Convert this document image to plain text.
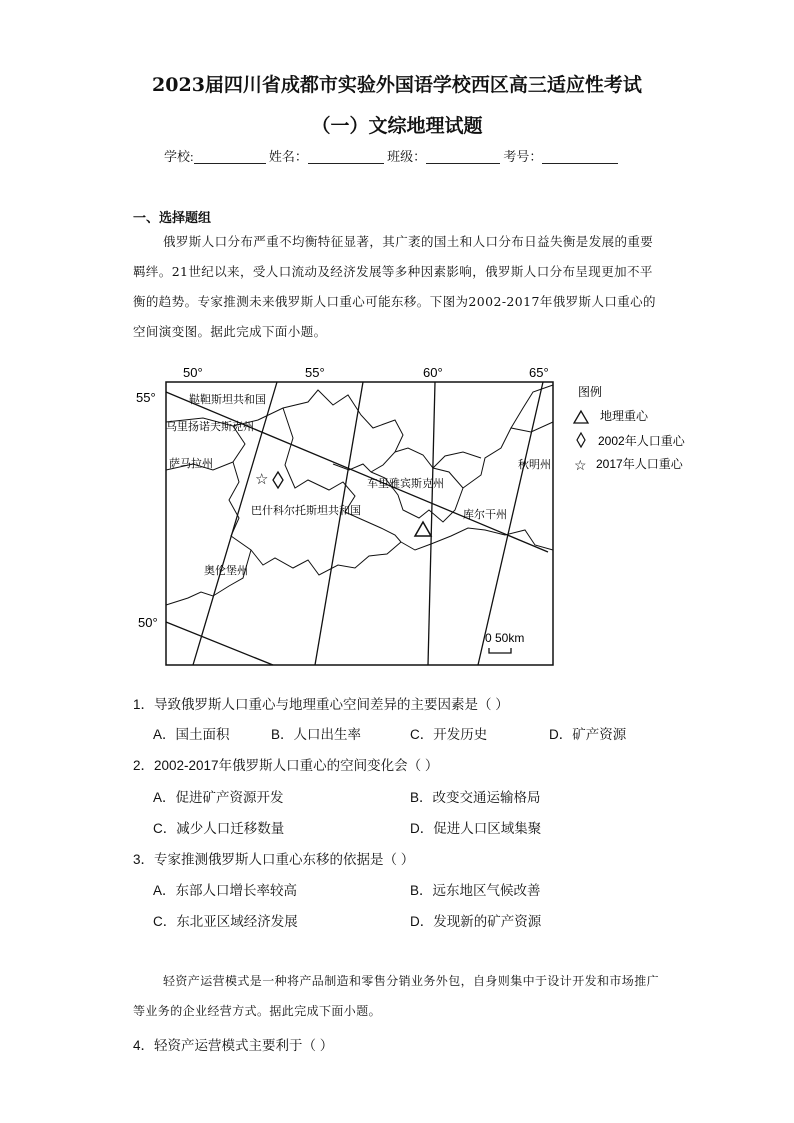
2023届四川省成都市实验外国语学校西区高三适应性考试
（一）文综地理试题
学校:	姓名：	班级：	考号：
一、选择题组
俄罗斯人口分布严重不均衡特征显著，其广袤的国土和人口分布日益失衡是发展的重要羁绊。21世纪以来，受人口流动及经济发展等多种因素影响，俄罗斯人口分布呈现更加不平衡的趋势。专家推测未来俄罗斯人口重心可能东移。下图为2002-2017年俄罗斯人口重心的空间演变图。据此完成下面小题。
50°	55°	60°	65°
55°
50°
鞑靼斯坦共和国
乌里扬诺夫斯克州
萨马拉州
车里雅宾斯克州
秋明州
巴什科尔托斯坦共和国	库尔干州
奥伦堡州
☆
0 50km
图例
地理重心
2002年人口重心
☆ 2017年人口重心
1．导致俄罗斯人口重心与地理重心空间差异的主要因素是（ ）
A．国土面积	B．人口出生率	C．开发历史	D．矿产资源
2．2002-2017年俄罗斯人口重心的空间变化会（ ）
A．促进矿产资源开发	B．改变交通运输格局
C．减少人口迁移数量	D．促进人口区域集聚
3．专家推测俄罗斯人口重心东移的依据是（ ）
A．东部人口增长率较高	B．远东地区气候改善
C．东北亚区域经济发展	D．发现新的矿产资源
轻资产运营模式是一种将产品制造和零售分销业务外包，自身则集中于设计开发和市场推广等业务的企业经营方式。据此完成下面小题。
4．轻资产运营模式主要利于（ ）
